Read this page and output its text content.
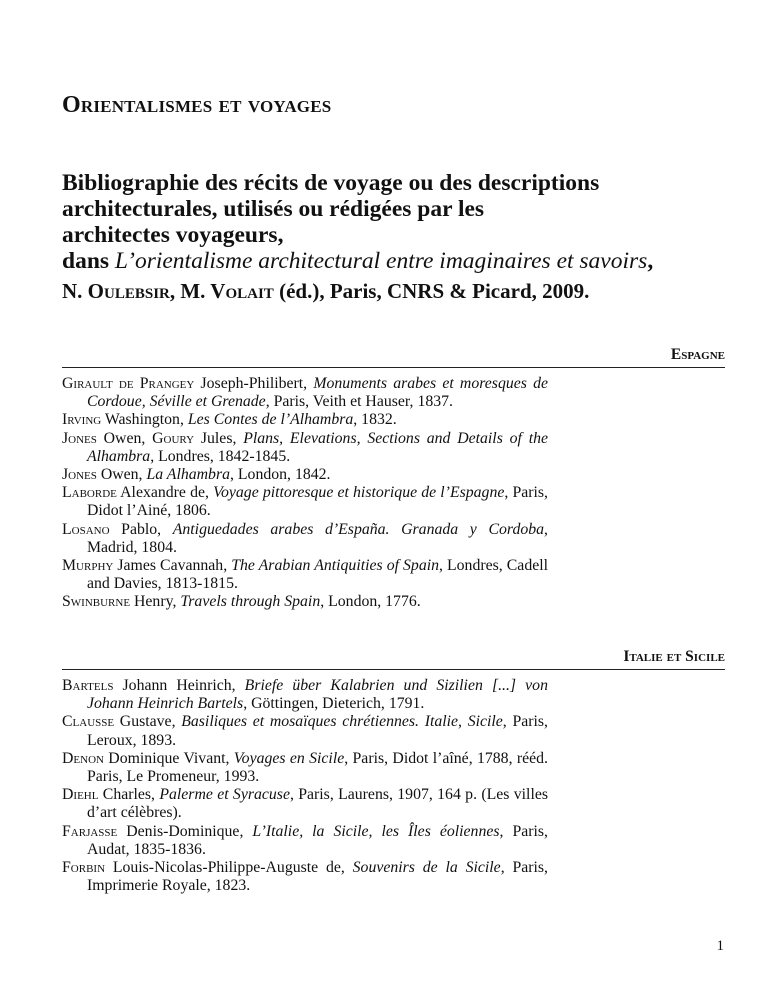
Orientalismes et voyages
Bibliographie des récits de voyage ou des descriptions
architecturales, utilisés ou rédigées par les
architectes voyageurs,
dans L’orientalisme architectural entre imaginaires et savoirs,
N. Oulebsir, M. Volait (éd.), Paris, CNRS & Picard, 2009.
Espagne
Girault de Prangey Joseph-Philibert, Monuments arabes et moresques de Cordoue, Séville et Grenade, Paris, Veith et Hauser, 1837.
Irving Washington, Les Contes de l’Alhambra, 1832.
Jones Owen, Goury Jules, Plans, Elevations, Sections and Details of the Alhambra, Londres, 1842-1845.
Jones Owen, La Alhambra, London, 1842.
Laborde Alexandre de, Voyage pittoresque et historique de l’Espagne, Paris, Didot l’Ainé, 1806.
Losano Pablo, Antiguedades arabes d’España. Granada y Cordoba, Madrid, 1804.
Murphy James Cavannah, The Arabian Antiquities of Spain, Londres, Cadell and Davies, 1813-1815.
Swinburne Henry, Travels through Spain, London, 1776.
Italie et Sicile
Bartels Johann Heinrich, Briefe über Kalabrien und Sizilien [...] von Johann Heinrich Bartels, Göttingen, Dieterich, 1791.
Clausse Gustave, Basiliques et mosaïques chrétiennes. Italie, Sicile, Paris, Leroux, 1893.
Denon Dominique Vivant, Voyages en Sicile, Paris, Didot l’aîné, 1788, rééd. Paris, Le Promeneur, 1993.
Diehl Charles, Palerme et Syracuse, Paris, Laurens, 1907, 164 p. (Les villes d’art célèbres).
Farjasse Denis-Dominique, L’Italie, la Sicile, les Îles éoliennes, Paris, Audat, 1835-1836.
Forbin Louis-Nicolas-Philippe-Auguste de, Souvenirs de la Sicile, Paris, Imprimerie Royale, 1823.
1
